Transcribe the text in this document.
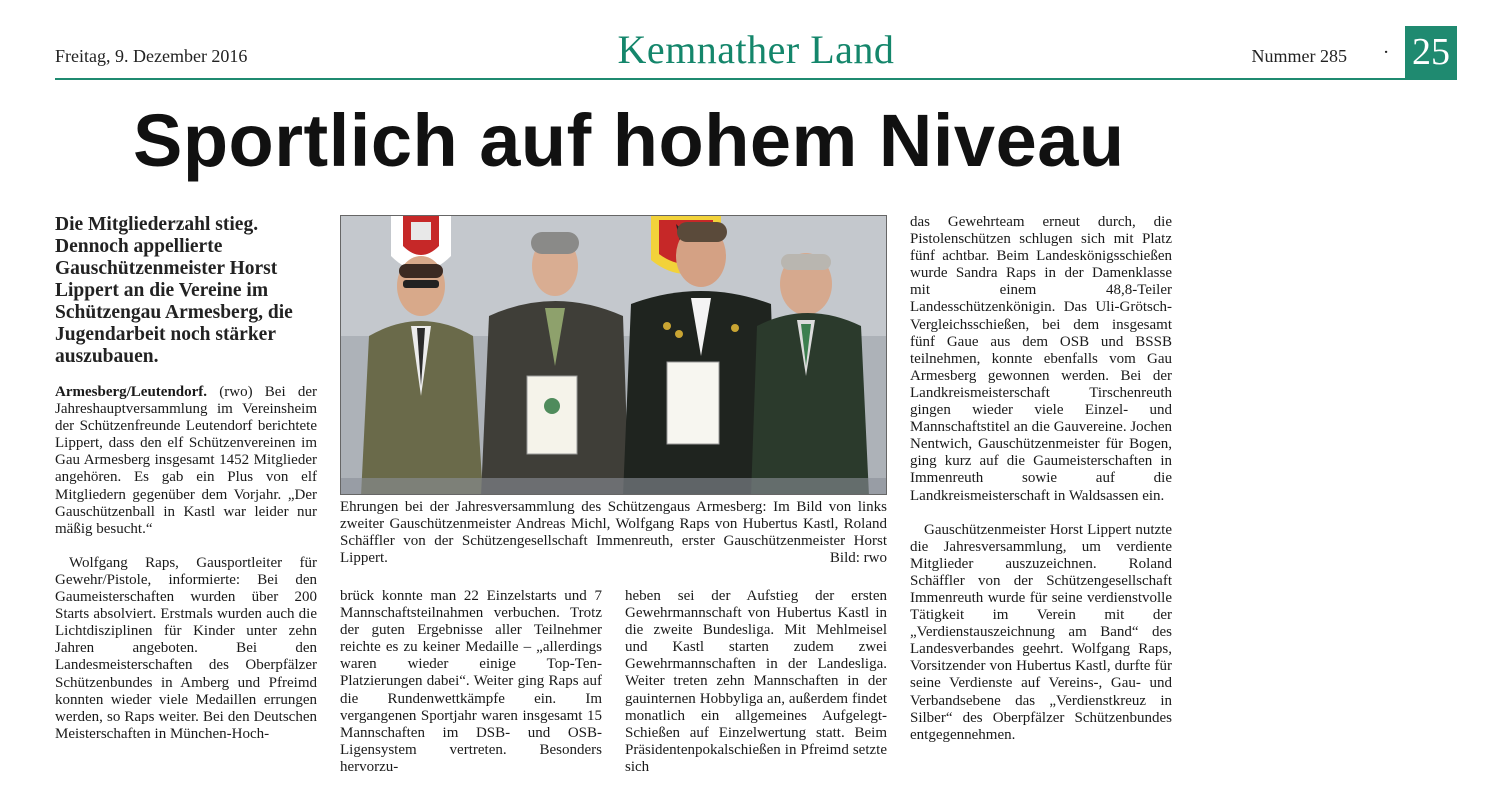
Freitag, 9. Dezember 2016	Kemnather Land	Nummer 285 · 25
Sportlich auf hohem Niveau
Die Mitgliederzahl stieg. Dennoch appellierte Gauschützenmeister Horst Lippert an die Vereine im Schützengau Armesberg, die Jugendarbeit noch stärker auszubauen.

Armesberg/Leutendorf. (rwo) Bei der Jahreshauptversammlung im Vereinsheim der Schützenfreunde Leutendorf berichtete Lippert, dass den elf Schützenvereinen im Gau Armesberg insgesamt 1452 Mitglieder angehören. Es gab ein Plus von elf Mitgliedern gegenüber dem Vorjahr. „Der Gauschützenball in Kastl war leider nur mäßig besucht.“

Wolfgang Raps, Gausportleiter für Gewehr/Pistole, informierte: Bei den Gaumeisterschaften wurden über 200 Starts absolviert. Erstmals wurden auch die Lichtdisziplinen für Kinder unter zehn Jahren angeboten. Bei den Landesmeisterschaften des Oberpfälzer Schützenbundes in Amberg und Pfreimd konnten wieder viele Medaillen errungen werden, so Raps weiter. Bei den Deutschen Meisterschaften in München-Hoch-

Ehrungen bei der Jahresversammlung des Schützengaus Armesberg: Im Bild von links zweiter Gauschützenmeister Andreas Michl, Wolfgang Raps von Hubertus Kastl, Roland Schäffler von der Schützengesellschaft Immenreuth, erster Gauschützenmeister Horst Lippert.	Bild: rwo

brück konnte man 22 Einzelstarts und 7 Mannschaftsteilnahmen verbuchen. Trotz der guten Ergebnisse aller Teilnehmer reichte es zu keiner Medaille – „allerdings waren wieder einige Top-Ten-Platzierungen dabei“. Weiter ging Raps auf die Rundenwettkämpfe ein. Im vergangenen Sportjahr waren insgesamt 15 Mannschaften im DSB- und OSB-Ligensystem vertreten. Besonders hervorzu-

heben sei der Aufstieg der ersten Gewehrmannschaft von Hubertus Kastl in die zweite Bundesliga. Mit Mehlmeisel und Kastl starten zudem zwei Gewehrmannschaften in der Landesliga. Weiter treten zehn Mannschaften in der gauinternen Hobbyliga an, außerdem findet monatlich ein allgemeines Aufgelegt-Schießen auf Einzelwertung statt. Beim Präsidentenpokalschießen in Pfreimd setzte sich

das Gewehrteam erneut durch, die Pistolenschützen schlugen sich mit Platz fünf achtbar. Beim Landeskönigsschießen wurde Sandra Raps in der Damenklasse mit einem 48,8-Teiler Landesschützenkönigin. Das Uli-Grötsch-Vergleichsschießen, bei dem insgesamt fünf Gaue aus dem OSB und BSSB teilnehmen, konnte ebenfalls vom Gau Armesberg gewonnen werden. Bei der Landkreismeisterschaft Tirschenreuth gingen wieder viele Einzel- und Mannschaftstitel an die Gauvereine. Jochen Nentwich, Gauschützenmeister für Bogen, ging kurz auf die Gaumeisterschaften in Immenreuth sowie auf die Landkreismeisterschaft in Waldsassen ein.

Gauschützenmeister Horst Lippert nutzte die Jahresversammlung, um verdiente Mitglieder auszuzeichnen. Roland Schäffler von der Schützengesellschaft Immenreuth wurde für seine verdienstvolle Tätigkeit im Verein mit der „Verdienstauszeichnung am Band“ des Landesverbandes geehrt. Wolfgang Raps, Vorsitzender von Hubertus Kastl, durfte für seine Verdienste auf Vereins-, Gau- und Verbandsebene das „Verdienstkreuz in Silber“ des Oberpfälzer Schützenbundes entgegennehmen.
